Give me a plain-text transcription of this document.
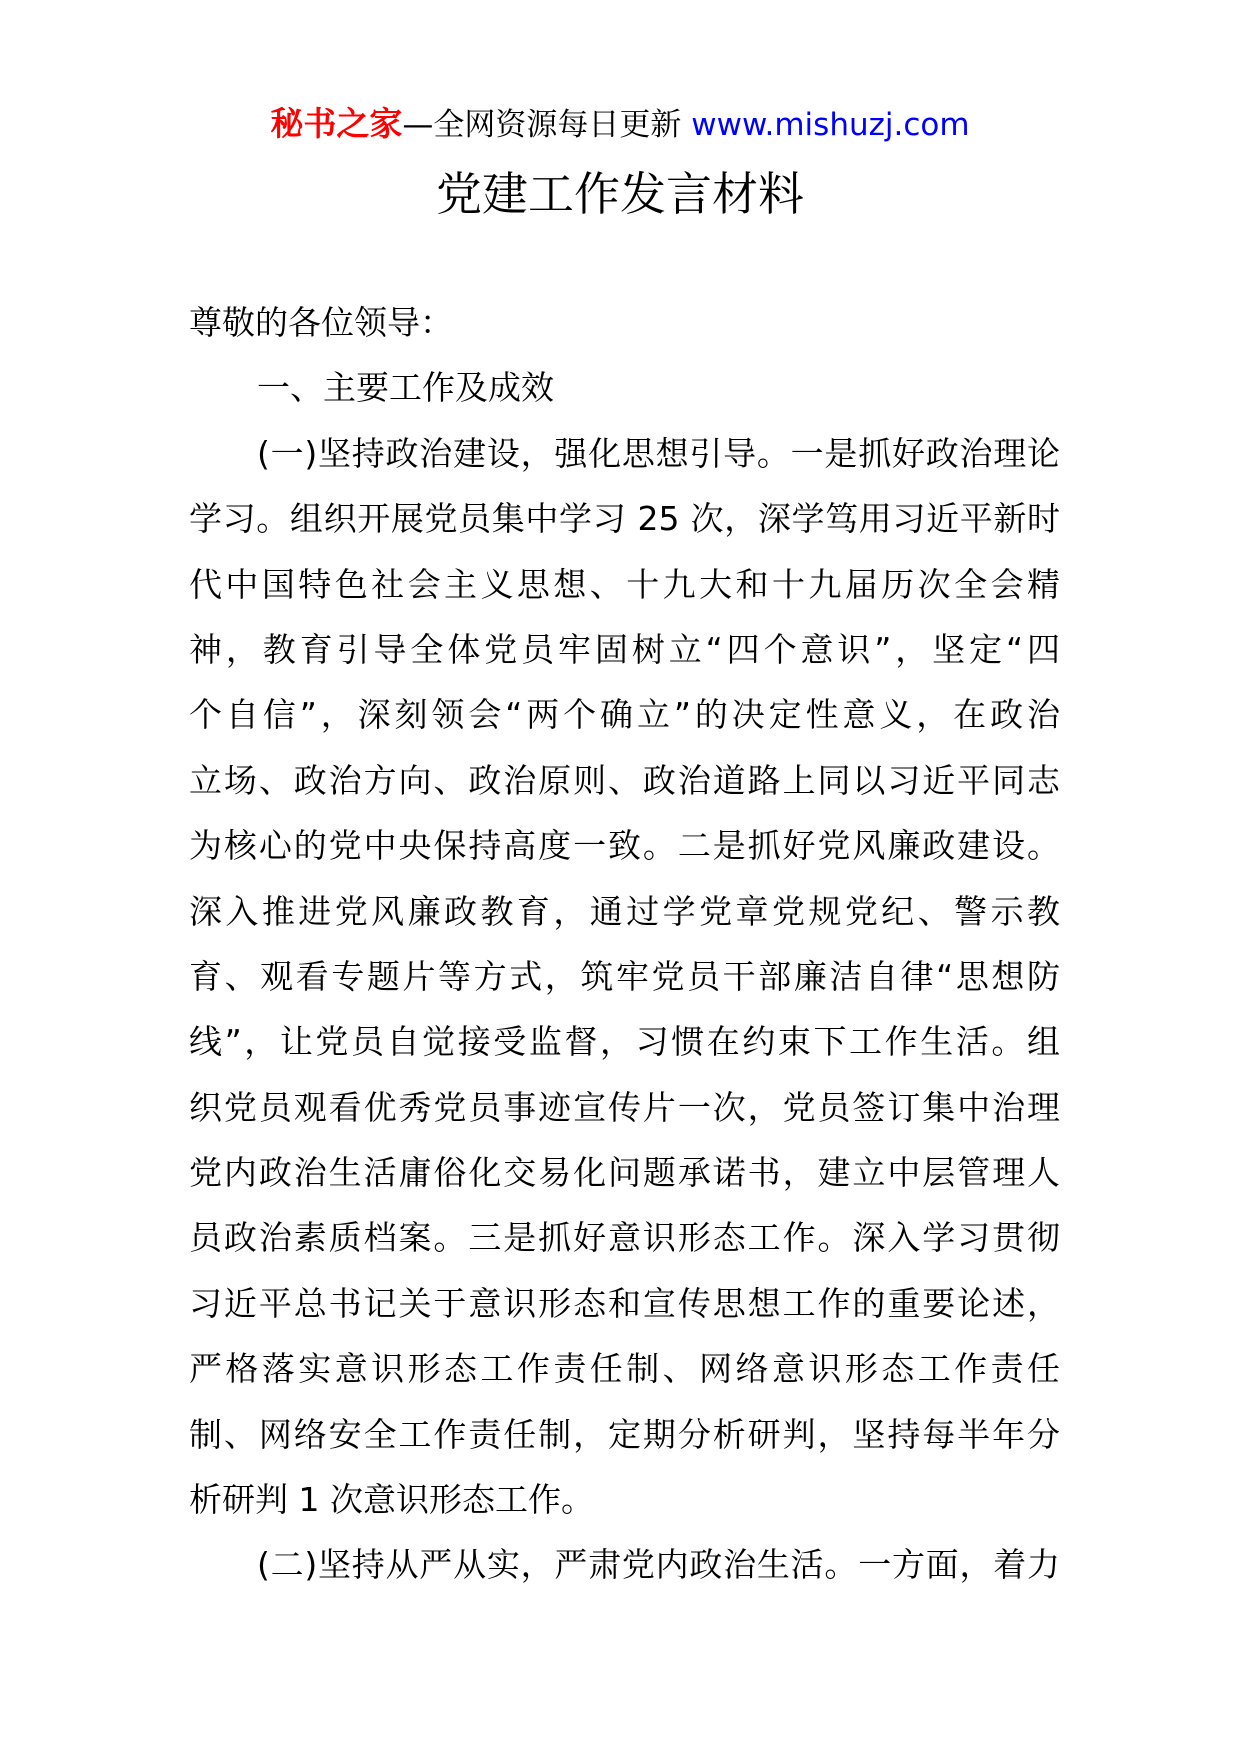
秘书之家—全网资源每日更新 www.mishuzj.com
党建工作发言材料
尊敬的各位领导：
一、主要工作及成效
(一)坚持政治建设，强化思想引导。一是抓好政治理论
学习。组织开展党员集中学习 25 次，深学笃用习近平新时
代中国特色社会主义思想、十九大和十九届历次全会精
神，教育引导全体党员牢固树立“四个意识”，坚定“四
个自信”，深刻领会“两个确立”的决定性意义，在政治
立场、政治方向、政治原则、政治道路上同以习近平同志
为核心的党中央保持高度一致。二是抓好党风廉政建设。
深入推进党风廉政教育，通过学党章党规党纪、警示教
育、观看专题片等方式，筑牢党员干部廉洁自律“思想防
线”，让党员自觉接受监督，习惯在约束下工作生活。组
织党员观看优秀党员事迹宣传片一次，党员签订集中治理
党内政治生活庸俗化交易化问题承诺书，建立中层管理人
员政治素质档案。三是抓好意识形态工作。深入学习贯彻
习近平总书记关于意识形态和宣传思想工作的重要论述，
严格落实意识形态工作责任制、网络意识形态工作责任
制、网络安全工作责任制，定期分析研判，坚持每半年分
析研判 1 次意识形态工作。
(二)坚持从严从实，严肃党内政治生活。一方面，着力
